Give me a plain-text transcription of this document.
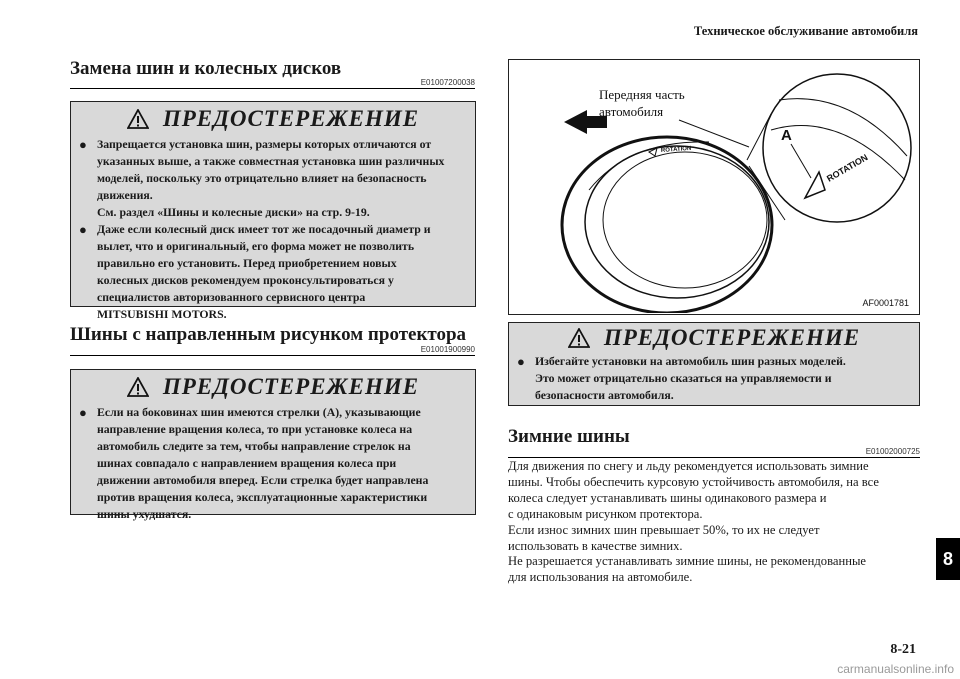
Техническое обслуживание автомобиля
Замена шин и колесных дисков
E01007200038
ПРЕДОСТЕРЕЖЕНИЕ
● Запрещается установка шин, размеры которых отличаются от
указанных выше, а также совместная установка шин различных
моделей, поскольку это отрицательно влияет на безопасность
движения.
См. раздел «Шины и колесные диски» на стр. 9-19.
● Даже если колесный диск имеет тот же посадочный диаметр и
вылет, что и оригинальный, его форма может не позволить
правильно его установить. Перед приобретением новых
колесных дисков рекомендуем проконсультироваться у
специалистов авторизованного сервисного центра
MITSUBISHI MOTORS.
Шины с направленным рисунком протектора
E01001900990
ПРЕДОСТЕРЕЖЕНИЕ
● Если на боковинах шин имеются стрелки (А), указывающие
направление вращения колеса, то при установке колеса на
автомобиль следите за тем, чтобы направление стрелок на
шинах совпадало с направлением вращения колеса при
движении автомобиля вперед. Если стрелка будет направлена
против вращения колеса, эксплуатационные характеристики
шины ухудшатся.
Передняя часть
автомобиля
ROTATION
A
ROTATION
AF0001781
ПРЕДОСТЕРЕЖЕНИЕ
● Избегайте установки на автомобиль шин разных моделей.
Это может отрицательно сказаться на управляемости и
безопасности автомобиля.
Зимние шины
E01002000725
Для движения по снегу и льду рекомендуется использовать зимние
шины. Чтобы обеспечить курсовую устойчивость автомобиля, на все
колеса следует устанавливать шины одинакового размера и
с одинаковым рисунком протектора.
Если износ зимних шин превышает 50%, то их не следует
использовать в качестве зимних.
Не разрешается устанавливать зимние шины, не рекомендованные
для использования на автомобиле.
8
8-21
carmanualsonline.info
